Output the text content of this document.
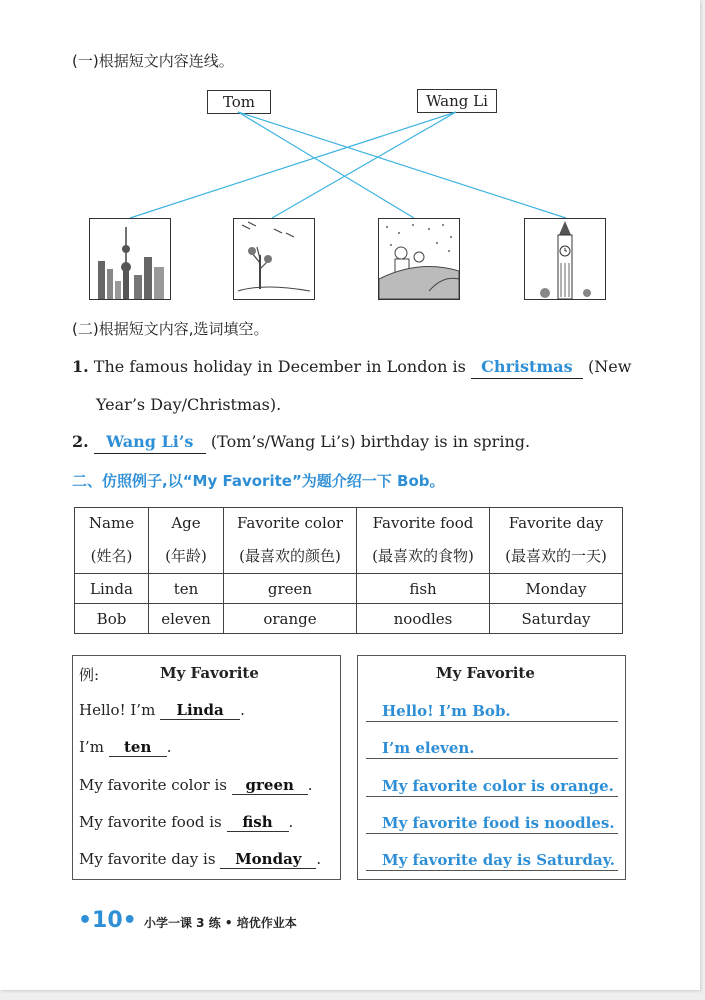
(一)根据短文内容连线。
Tom	Wang Li
(二)根据短文内容,选词填空。
1. The famous holiday in December in London is Christmas (New
Year’s Day/Christmas).
2. Wang Li’s (Tom’s/Wang Li’s) birthday is in spring.
二、仿照例子,以“My Favorite”为题介绍一下 Bob。
Name	Age	Favorite color	Favorite food	Favorite day
(姓名)	(年龄)	(最喜欢的颜色)	(最喜欢的食物)	(最喜欢的一天)
Linda	ten	green	fish	Monday
Bob	eleven	orange	noodles	Saturday
例:	My Favorite
Hello! I’m Linda .
I’m ten .
My favorite color is green .
My favorite food is fish .
My favorite day is Monday .
My Favorite
Hello! I’m Bob.
I’m eleven.
My favorite color is orange.
My favorite food is noodles.
My favorite day is Saturday.
•10• 小学一课 3 练 • 培优作业本
